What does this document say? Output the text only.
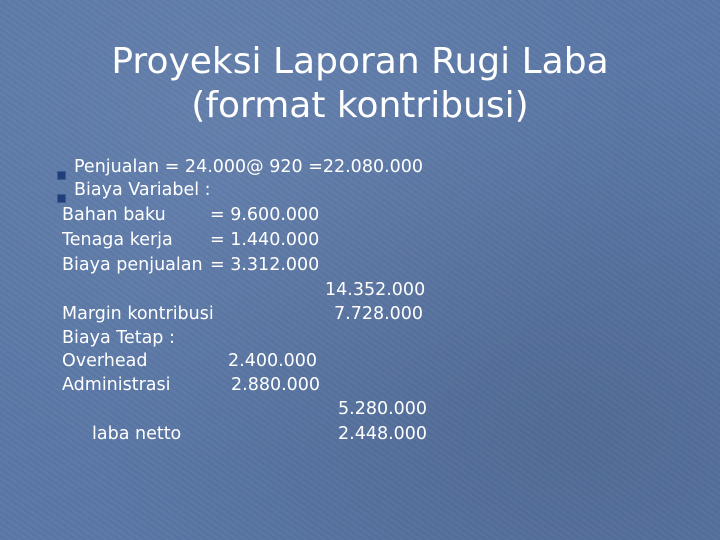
Proyeksi Laporan Rugi Laba
(format kontribusi)
Penjualan = 24.000@ 920 =22.080.000
Biaya Variabel :
Bahan baku	= 9.600.000
Tenaga kerja = 1.440.000
Biaya penjualan = 3.312.000
14.352.000
Margin kontribusi	7.728.000
Biaya Tetap :
Overhead	2.400.000
Administrasi	2.880.000
5.280.000
laba netto	2.448.000
